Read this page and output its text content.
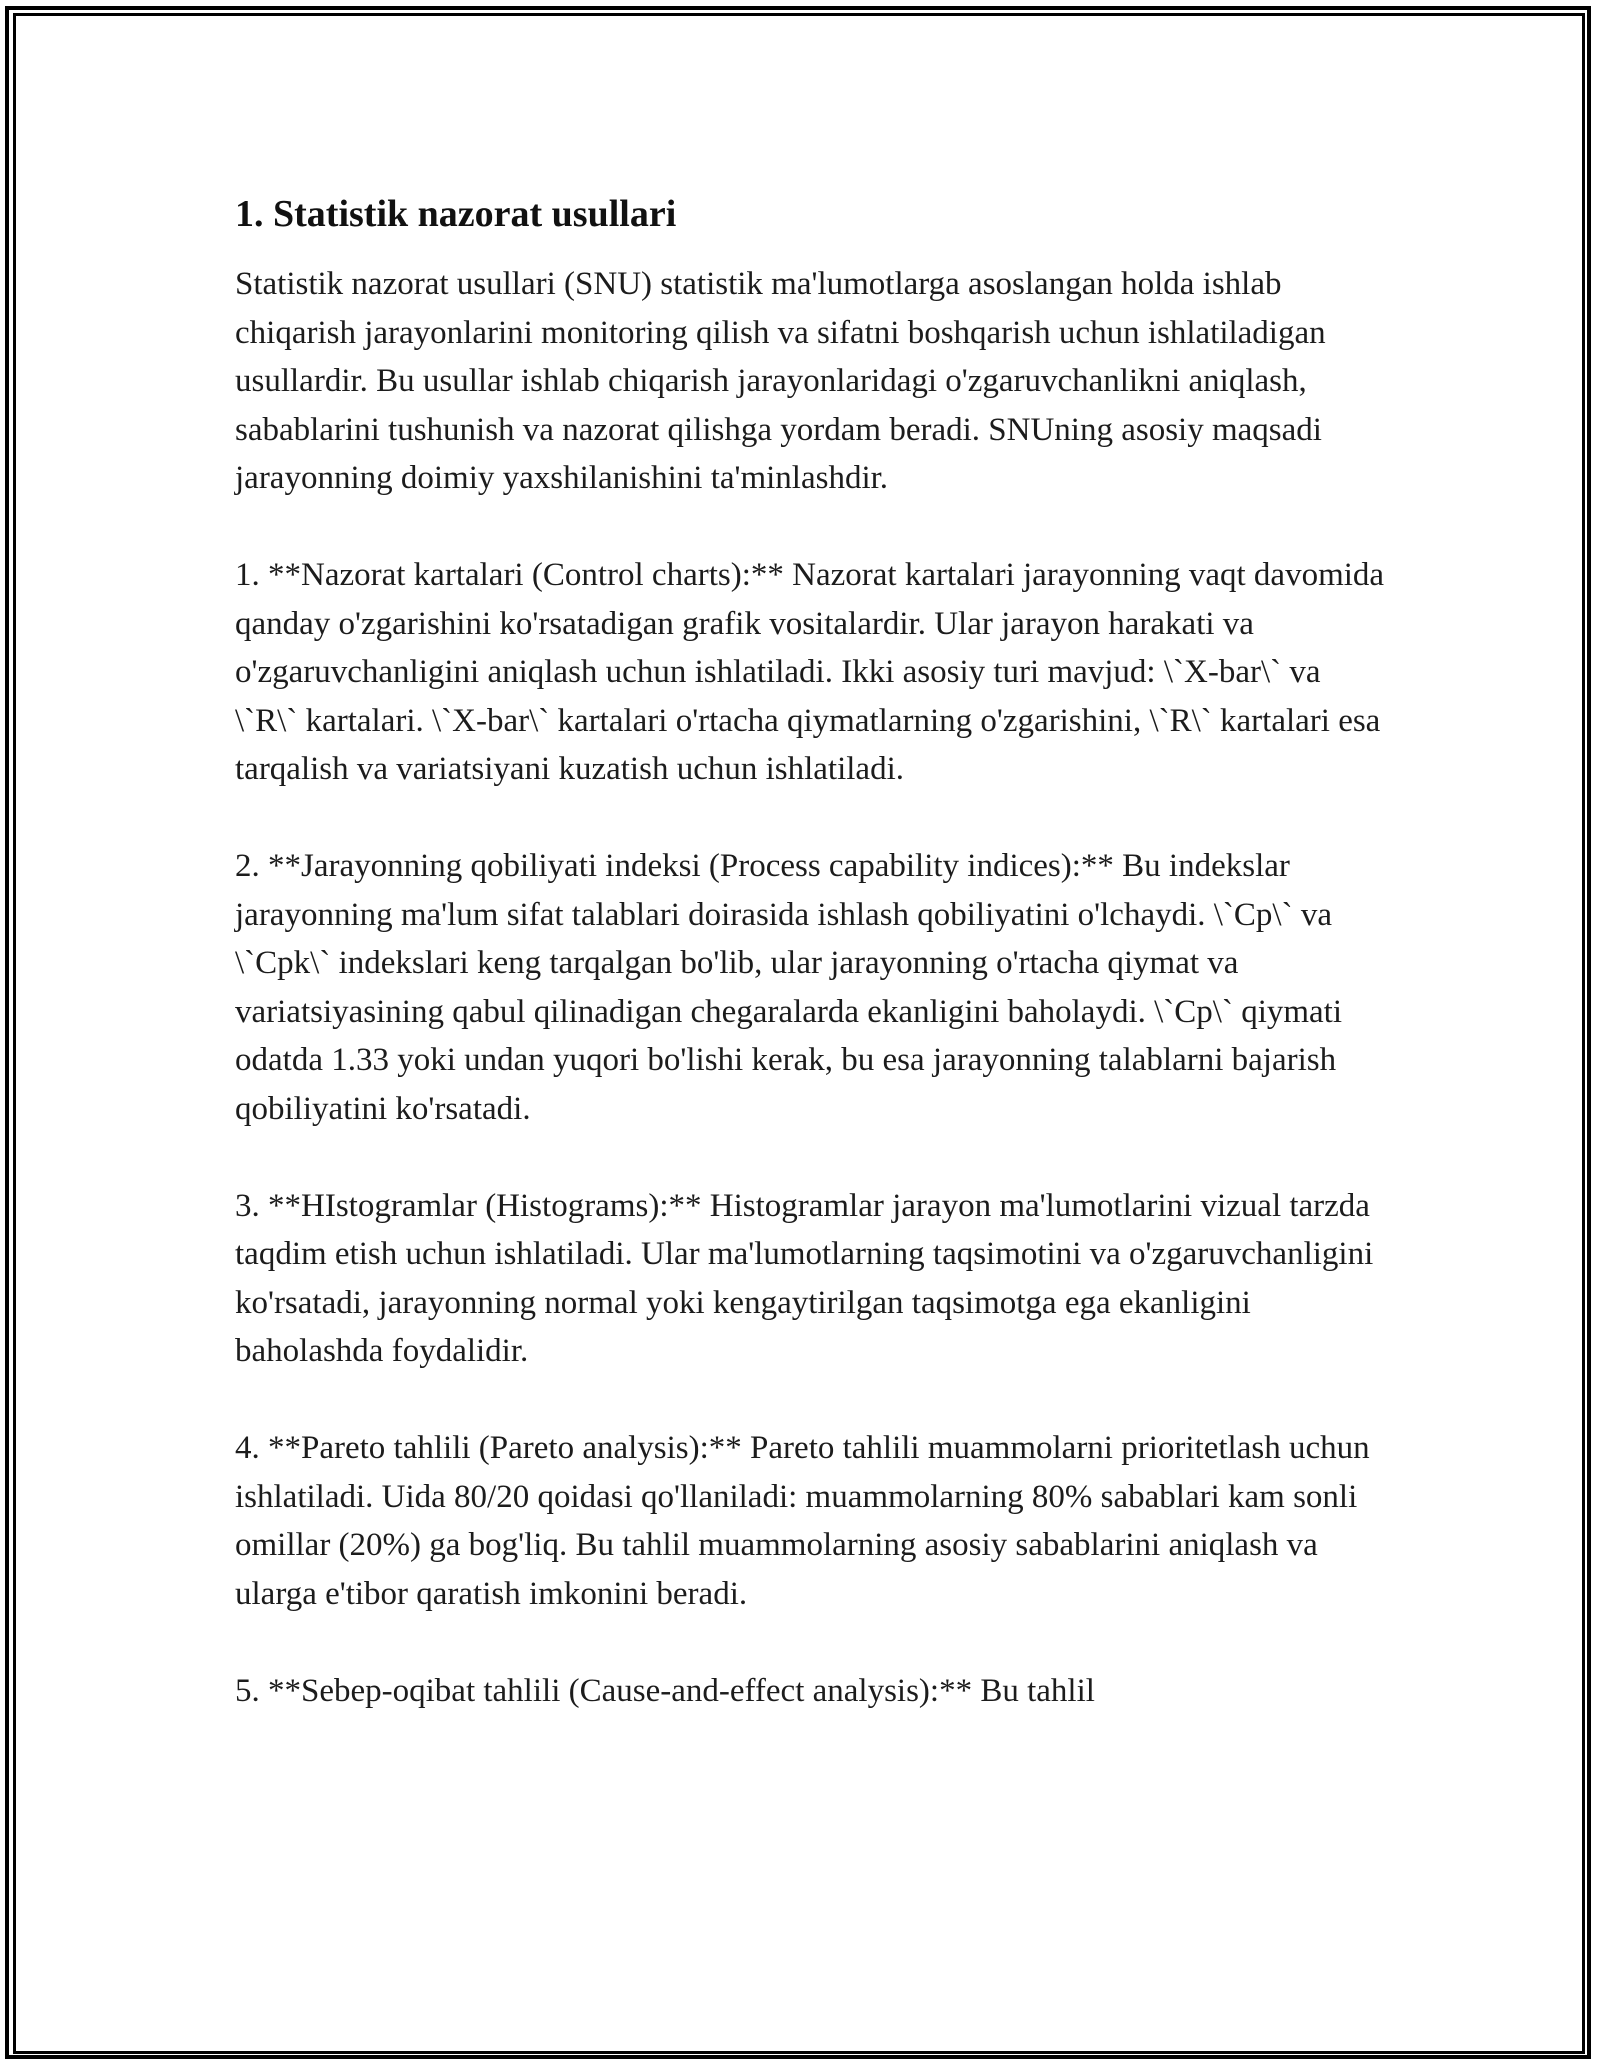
1. Statistik nazorat usullari

Statistik nazorat usullari (SNU) statistik ma'lumotlarga asoslangan holda ishlab chiqarish jarayonlarini monitoring qilish va sifatni boshqarish uchun ishlatiladigan usullardir. Bu usullar ishlab chiqarish jarayonlaridagi o'zgaruvchanlikni aniqlash, sabablarini tushunish va nazorat qilishga yordam beradi. SNUning asosiy maqsadi jarayonning doimiy yaxshilanishini ta'minlashdir.

1. **Nazorat kartalari (Control charts):** Nazorat kartalari jarayonning vaqt davomida qanday o'zgarishini ko'rsatadigan grafik vositalardir. Ular jarayon harakati va o'zgaruvchanligini aniqlash uchun ishlatiladi. Ikki asosiy turi mavjud: \`X-bar\` va \`R\` kartalari. \`X-bar\` kartalari o'rtacha qiymatlarning o'zgarishini, \`R\` kartalari esa tarqalish va variatsiyani kuzatish uchun ishlatiladi.

2. **Jarayonning qobiliyati indeksi (Process capability indices):** Bu indekslar jarayonning ma'lum sifat talablari doirasida ishlash qobiliyatini o'lchaydi. \`Cp\` va \`Cpk\` indekslari keng tarqalgan bo'lib, ular jarayonning o'rtacha qiymat va variatsiyasining qabul qilinadigan chegaralarda ekanligini baholaydi. \`Cp\` qiymati odatda 1.33 yoki undan yuqori bo'lishi kerak, bu esa jarayonning talablarni bajarish qobiliyatini ko'rsatadi.

3. **HIstogramlar (Histograms):** Histogramlar jarayon ma'lumotlarini vizual tarzda taqdim etish uchun ishlatiladi. Ular ma'lumotlarning taqsimotini va o'zgaruvchanligini ko'rsatadi, jarayonning normal yoki kengaytirilgan taqsimotga ega ekanligini baholashda foydalidir.

4. **Pareto tahlili (Pareto analysis):** Pareto tahlili muammolarni prioritetlash uchun ishlatiladi. Uida 80/20 qoidasi qo'llaniladi: muammolarning 80% sabablari kam sonli omillar (20%) ga bog'liq. Bu tahlil muammolarning asosiy sabablarini aniqlash va ularga e'tibor qaratish imkonini beradi.

5. **Sebep-oqibat tahlili (Cause-and-effect analysis):** Bu tahlil
